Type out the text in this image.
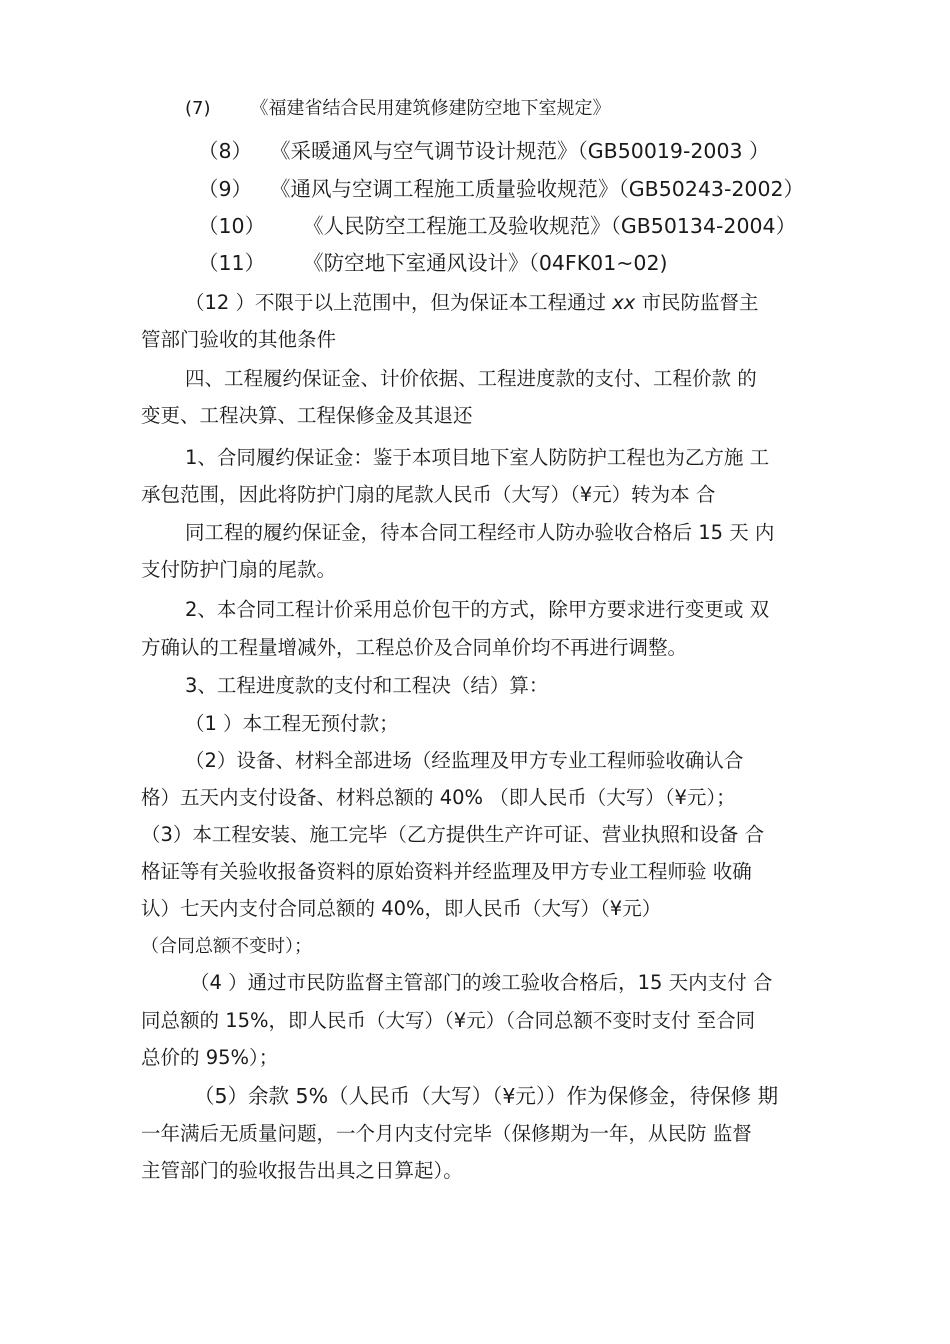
(7) 《福建省结合民用建筑修建防空地下室规定》
（8） 《采暖通风与空气调节设计规范》（GB50019-2003 ）
（9） 《通风与空调工程施工质量验收规范》（GB50243-2002）
（10） 《人民防空工程施工及验收规范》（GB50134-2004）
（11） 《防空地下室通风设计》（04FK01~02)
（12 ）不限于以上范围中，但为保证本工程通过 xx 市民防监督主
管部门验收的其他条件
四、工程履约保证金、计价依据、工程进度款的支付、工程价款 的
变更、工程决算、工程保修金及其退还
1、合同履约保证金：鉴于本项目地下室人防防护工程也为乙方施 工
承包范围，因此将防护门扇的尾款人民币（大写）（¥元）转为本 合
同工程的履约保证金，待本合同工程经市人防办验收合格后 15 天 内
支付防护门扇的尾款。
2、本合同工程计价采用总价包干的方式，除甲方要求进行变更或 双
方确认的工程量增减外，工程总价及合同单价均不再进行调整。
3、工程进度款的支付和工程决（结）算：
（1 ）本工程无预付款；
（2）设备、材料全部进场（经监理及甲方专业工程师验收确认合
格）五天内支付设备、材料总额的 40% （即人民币（大写）（¥元）；
（3）本工程安装、施工完毕（乙方提供生产许可证、营业执照和设备 合
格证等有关验收报备资料的原始资料并经监理及甲方专业工程师验 收确
认）七天内支付合同总额的 40%，即人民币（大写）（¥元）
（合同总额不变时）；
（4 ）通过市民防监督主管部门的竣工验收合格后，15 天内支付 合
同总额的 15%，即人民币（大写）（¥元）（合同总额不变时支付 至合同
总价的 95%）；
（5）余款 5%（人民币（大写）（¥元））作为保修金，待保修 期
一年满后无质量问题，一个月内支付完毕（保修期为一年，从民防 监督
主管部门的验收报告出具之日算起）。
